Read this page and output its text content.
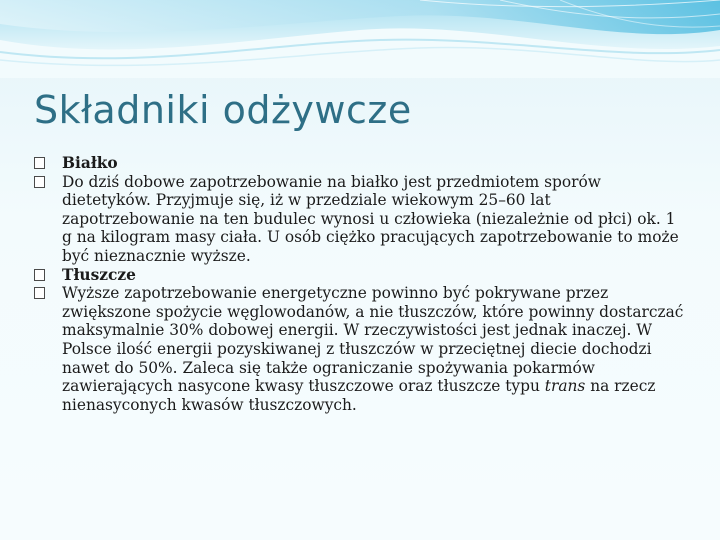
Składniki odżywcze

Białko

Do dziś dobowe zapotrzebowanie na białko jest przedmiotem sporów dietetyków. Przyjmuje się, iż w przedziale wiekowym 25–60 lat zapotrzebowanie na ten budulec wynosi u człowieka (niezależnie od płci) ok. 1 g na kilogram masy ciała. U osób ciężko pracujących zapotrzebowanie to może być nieznacznie wyższe.

Tłuszcze

Wyższe zapotrzebowanie energetyczne powinno być pokrywane przez zwiększone spożycie węglowodanów, a nie tłuszczów, które powinny dostarczać maksymalnie 30% dobowej energii. W rzeczywistości jest jednak inaczej. W Polsce ilość energii pozyskiwanej z tłuszczów w przeciętnej diecie dochodzi nawet do 50%. Zaleca się także ograniczanie spożywania pokarmów zawierających nasycone kwasy tłuszczowe oraz tłuszcze typu trans na rzecz nienasyconych kwasów tłuszczowych.
